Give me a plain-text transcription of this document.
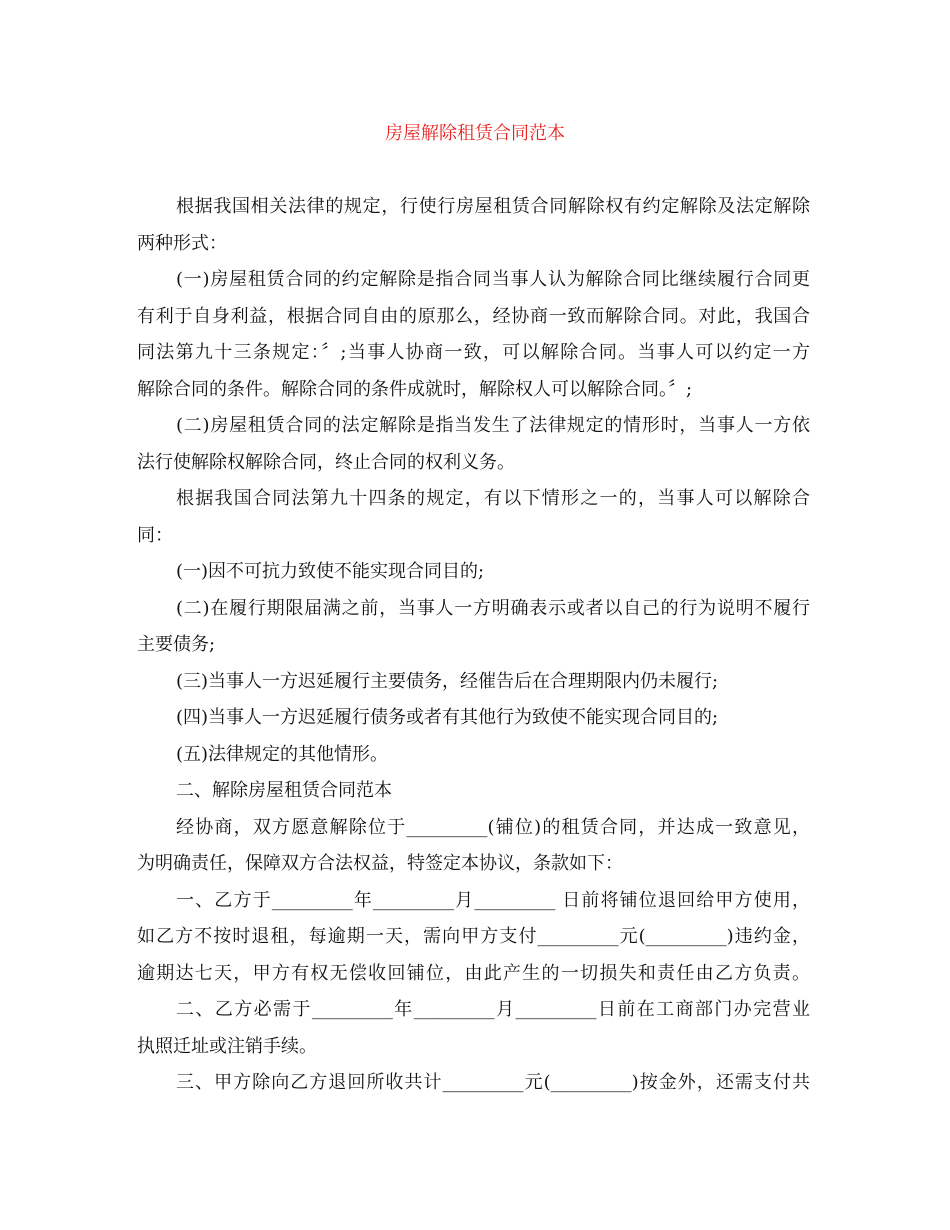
房屋解除租赁合同范本
根据我国相关法律的规定，行使行房屋租赁合同解除权有约定解除及法定解除
两种形式：
(一)房屋租赁合同的约定解除是指合同当事人认为解除合同比继续履行合同更
有利于自身利益，根据合同自由的原那么，经协商一致而解除合同。对此，我国合
同法第九十三条规定：〞;当事人协商一致，可以解除合同。当事人可以约定一方
解除合同的条件。解除合同的条件成就时，解除权人可以解除合同。〞;
(二)房屋租赁合同的法定解除是指当发生了法律规定的情形时，当事人一方依
法行使解除权解除合同，终止合同的权利义务。
根据我国合同法第九十四条的规定，有以下情形之一的，当事人可以解除合
同：
(一)因不可抗力致使不能实现合同目的;
(二)在履行期限届满之前，当事人一方明确表示或者以自己的行为说明不履行
主要债务;
(三)当事人一方迟延履行主要债务，经催告后在合理期限内仍未履行;
(四)当事人一方迟延履行债务或者有其他行为致使不能实现合同目的;
(五)法律规定的其他情形。
二、解除房屋租赁合同范本
经协商，双方愿意解除位于_________(铺位)的租赁合同，并达成一致意见，
为明确责任，保障双方合法权益，特签定本协议，条款如下：
一、乙方于_________年_________月_________ 日前将铺位退回给甲方使用，
如乙方不按时退租，每逾期一天，需向甲方支付_________元(_________)违约金，
逾期达七天，甲方有权无偿收回铺位，由此产生的一切损失和责任由乙方负责。
二、乙方必需于_________年_________月_________日前在工商部门办完营业
执照迁址或注销手续。
三、甲方除向乙方退回所收共计_________元(_________)按金外，还需支付共
